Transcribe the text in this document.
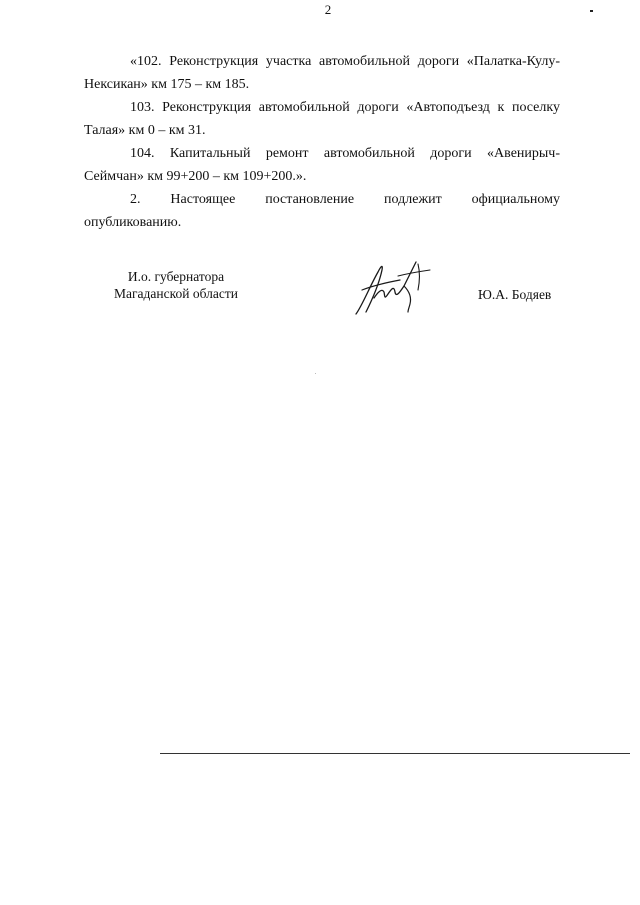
2

«102. Реконструкция участка автомобильной дороги «Палатка-Кулу-Нексикан» км 175 – км 185.

103. Реконструкция автомобильной дороги «Автоподъезд к поселку Талая» км 0 – км 31.

104. Капитальный ремонт автомобильной дороги «Авенирыч-Сеймчан» км 99+200 – км 109+200.».

2. Настоящее постановление подлежит официальному опубликованию.

И.о. губернатора
Магаданской области	Ю.А. Бодяев
